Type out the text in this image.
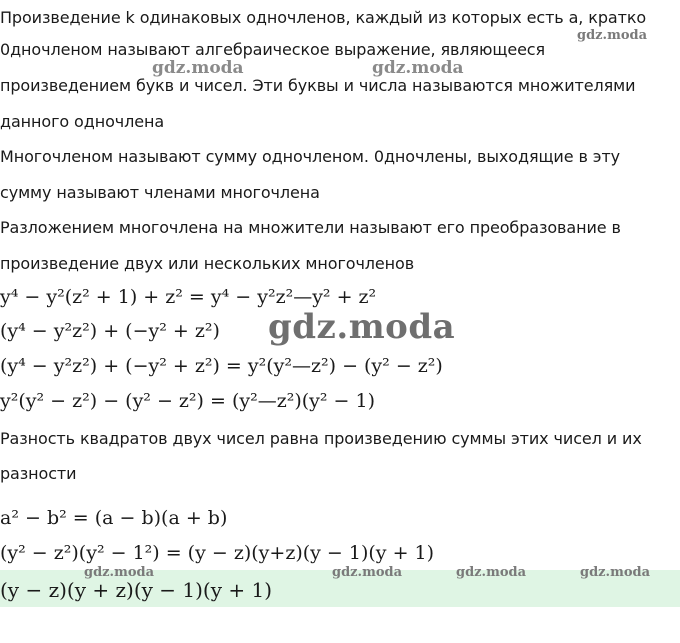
Произведение k одинаковых одночленов, каждый из которых есть a, кратко
0дночленом называют алгебраическое выражение, являющееся
произведением букв и чисел. Эти буквы и числа называются множителями
данного одночлена
Многочленом называют сумму одночленом. 0дночлены, выходящие в эту
сумму называют членами многочлена
Разложением многочлена на множители называют его преобразование в
произведение двух или нескольких многочленов
y⁴ − y²(z² + 1) + z² = y⁴ − y²z²—y² + z²
(y⁴ − y²z²) + (−y² + z²)
(y⁴ − y²z²) + (−y² + z²) = y²(y²—z²) − (y² − z²)
y²(y² − z²) − (y² − z²) = (y²—z²)(y² − 1)
Разность квадратов двух чисел равна произведению суммы этих чисел и их
разности
a² − b² = (a − b)(a + b)
(y² − z²)(y² − 1²) = (y − z)(y+z)(y − 1)(y + 1)
(y − z)(y + z)(y − 1)(y + 1)
gdz.moda
gdz.moda	gdz.moda
gdz.moda
gdz.moda	gdz.moda	gdz.moda	gdz.moda
